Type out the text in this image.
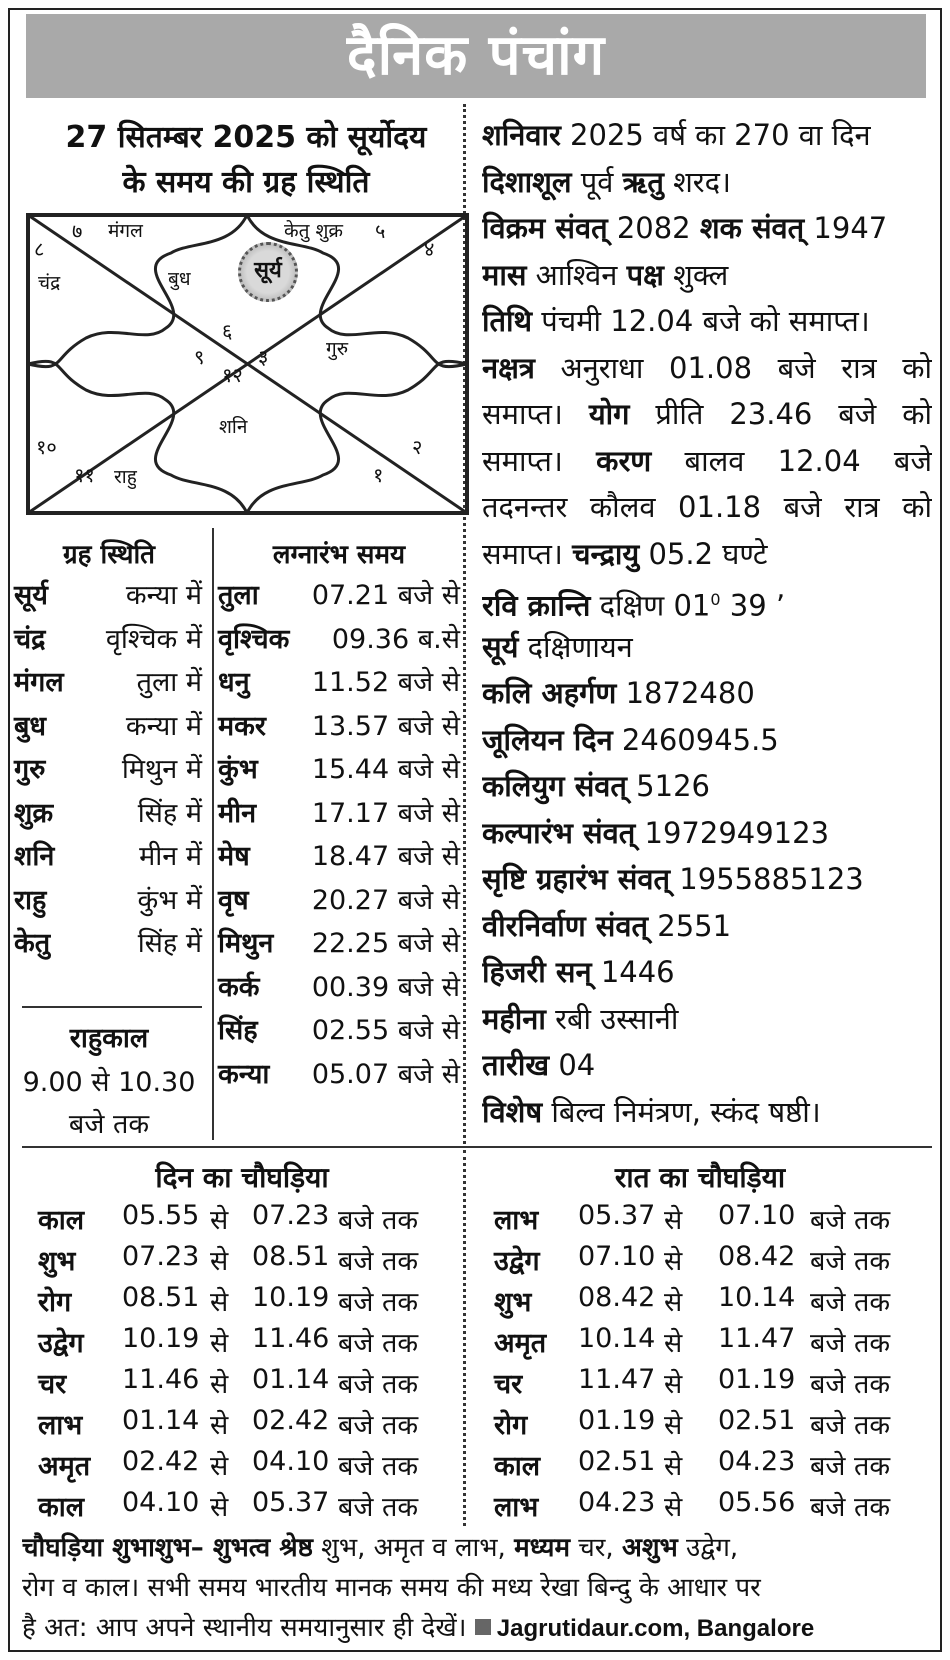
दैनिक पंचांग
27 सितम्बर 2025 को सूर्योदय
के समय की ग्रह स्थिति
सूर्य
६
५
४
३
२
१
१२
११
१०
९
८
७ मंगल	केतु शुक्र
चंद्र	बुध
गुरु
शनि
राहु
ग्रह स्थिति
सूर्य	कन्या में
चंद्र	वृश्चिक में
मंगल	तुला में
बुध	कन्या में
गुरु	मिथुन में
शुक्र	सिंह में
शनि	मीन में
राहु	कुंभ में
केतु	सिंह में
राहुकाल
9.00 से 10.30
बजे तक
लग्नारंभ समय
तुला	07.21 बजे से
वृश्चिक	09.36 ब.से
धनु	11.52 बजे से
मकर	13.57 बजे से
कुंभ	15.44 बजे से
मीन	17.17 बजे से
मेष	18.47 बजे से
वृष	20.27 बजे से
मिथुन	22.25 बजे से
कर्क	00.39 बजे से
सिंह	02.55 बजे से
कन्या	05.07 बजे से
शनिवार 2025 वर्ष का 270 वा दिन
दिशाशूल पूर्व ऋतु शरद।
विक्रम संवत् 2082 शक संवत् 1947
मास आश्विन पक्ष शुक्ल
तिथि पंचमी 12.04 बजे को समाप्त।
नक्षत्र अनुराधा 01.08 बजे रात्र को
समाप्त। योग प्रीति 23.46 बजे को
समाप्त। करण बालव 12.04 बजे
तदनन्तर कौलव 01.18 बजे रात्र को
समाप्त। चन्द्रायु 05.2 घण्टे
रवि क्रान्ति दक्षिण $01^0$ 39 ’
सूर्य दक्षिणायन
कलि अहर्गण 1872480
जूलियन दिन 2460945.5
कलियुग संवत् 5126
कल्पारंभ संवत् 1972949123
सृष्टि ग्रहारंभ संवत् 1955885123
वीरनिर्वाण संवत् 2551
हिजरी सन् 1446
महीना रबी उस्सानी
तारीख 04
विशेष बिल्व निमंत्रण, स्कंद षष्ठी।
दिन का चौघड़िया	रात का चौघड़िया
काल 05.55 से 07.23 बजे तक
शुभ 07.23 से 08.51 बजे तक
रोग 08.51 से 10.19 बजे तक
उद्वेग 10.19 से 11.46 बजे तक
चर 11.46 से 01.14 बजे तक
लाभ 01.14 से 02.42 बजे तक
अमृत 02.42 से 04.10 बजे तक
काल 04.10 से 05.37 बजे तक
लाभ 05.37 से 07.10 बजे तक
उद्वेग 07.10 से 08.42 बजे तक
शुभ 08.42 से 10.14 बजे तक
अमृत 10.14 से 11.47 बजे तक
चर 11.47 से 01.19 बजे तक
रोग 01.19 से 02.51 बजे तक
काल 02.51 से 04.23 बजे तक
लाभ 04.23 से 05.56 बजे तक
चौघड़िया शुभाशुभ– शुभत्व श्रेष्ठ शुभ, अमृत व लाभ, मध्यम चर, अशुभ उद्वेग,
रोग व काल। सभी समय भारतीय मानक समय की मध्य रेखा बिन्दु के आधार पर
है अत: आप अपने स्थानीय समयानुसार ही देखें। Jagrutidaur.com, Bangalore
